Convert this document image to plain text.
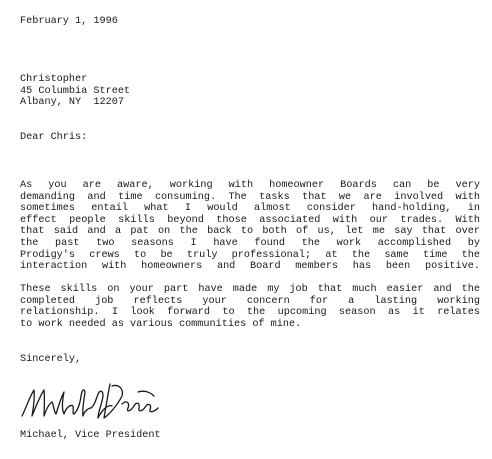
February 1, 1996
Christopher
45 Columbia Street
Albany, NY  12207
Dear Chris:
As you are aware, working with homeowner Boards can be very
demanding and time consuming. The tasks that we are involved with
sometimes entail what I would almost consider hand-holding, in
effect people skills beyond those associated with our trades. With
that said and a pat on the back to both of us, let me say that over
the past two seasons I have found the work accomplished by
Prodigy's crews to be truly professional; at the same time the
interaction with homeowners and Board members has been positive.
These skills on your part have made my job that much easier and the
completed job reflects your concern for a lasting working
relationship. I look forward to the upcoming season as it relates
to work needed as various communities of mine.
Sincerely,
Michael, Vice President
